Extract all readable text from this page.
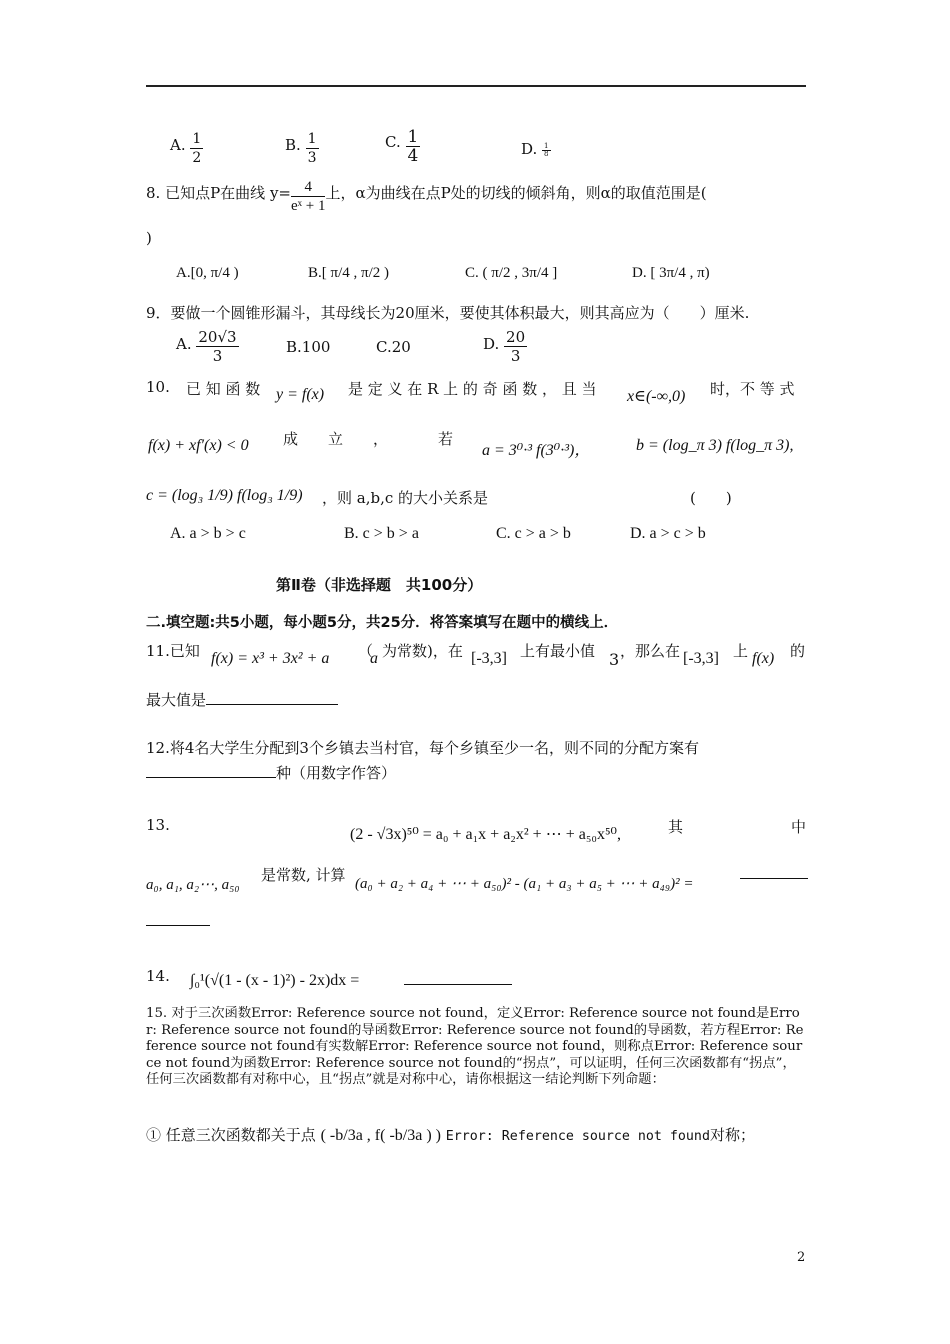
A. $\frac{1}{2}$	B. $\frac{1}{3}$	C. $\frac{1}{4}$	D. $\frac{1}{8}$
8. 已知点P在曲线 $y= \frac{4}{\text{eˣ + 1}}$ 上，α为曲线在点P处的切线的倾斜角，则α的取值范围是(
)
A.[0, π/4 )	B.[ π/4 , π/2 )	C. ( π/2 , 3π/4 ]	D. [ 3π/4 , π)
9．要做一个圆锥形漏斗，其母线长为20厘米，要使其体积最大，则其高应为（　　）厘米.
A. $\frac{20√3}{3}$	B.100	C.20	D. $\frac{20}{3}$
10. 已 知 函 数 y = f(x) 是 定 义 在 R 上 的 奇 函 数 ， 且 当 x∈(-∞,0) 时，不 等 式
f(x) + xf′(x) < 0 成　　立　　，	若
a = 3⁰·³ f(3⁰·³)，	b = (log_π 3) f(log_π 3),
c = (log₃ 1/9) f(log₃ 1/9) ，则 a,b,c 的大小关系是	(　　)
A. a > b > c	B. c > b > a	C. c > a > b	D. a > c > b
第Ⅱ卷（非选择题　共100分）
二.填空题:共5小题，每小题5分，共25分．将答案填写在题中的横线上．
11.已知 f(x) = x³ + 3x² + a （
a 为常数)，在 [-3,3] 上有最小值 3 ，那么在 [-3,3] 上 f(x) 的
最大值是
12.将4名大学生分配到3个乡镇去当村官，每个乡镇至少一名，则不同的分配方案有
种（用数字作答）
13.
(2 - √3x)⁵⁰ = a₀ + a₁x + a₂x² + ⋯ + a₅₀x⁵⁰,	其	中
a₀, a₁, a₂⋯, a₅₀
是常数, 计算 (a₀ + a₂ + a₄ + ⋯ + a₅₀)² - (a₁ + a₃ + a₅ + ⋯ + a₄₉)² =
14. ∫₀¹(√(1 - (x - 1)²) - 2x)dx =
15. 对于三次函数Error: Reference source not found，定义Error: Reference source not found是Error: Reference source not found的导函数Error: Reference source not found的导函数，若方程Error: Reference source not found有实数解Error: Reference source not found，则称点Error: Reference source not found为函数Error: Reference source not found的“拐点”，可以证明，任何三次函数都有“拐点”，任何三次函数都有对称中心，且“拐点”就是对称中心，请你根据这一结论判断下列命题：
① 任意三次函数都关于点 ( -b/3a , f( -b/3a ) ) Error: Reference source not found对称；
2
